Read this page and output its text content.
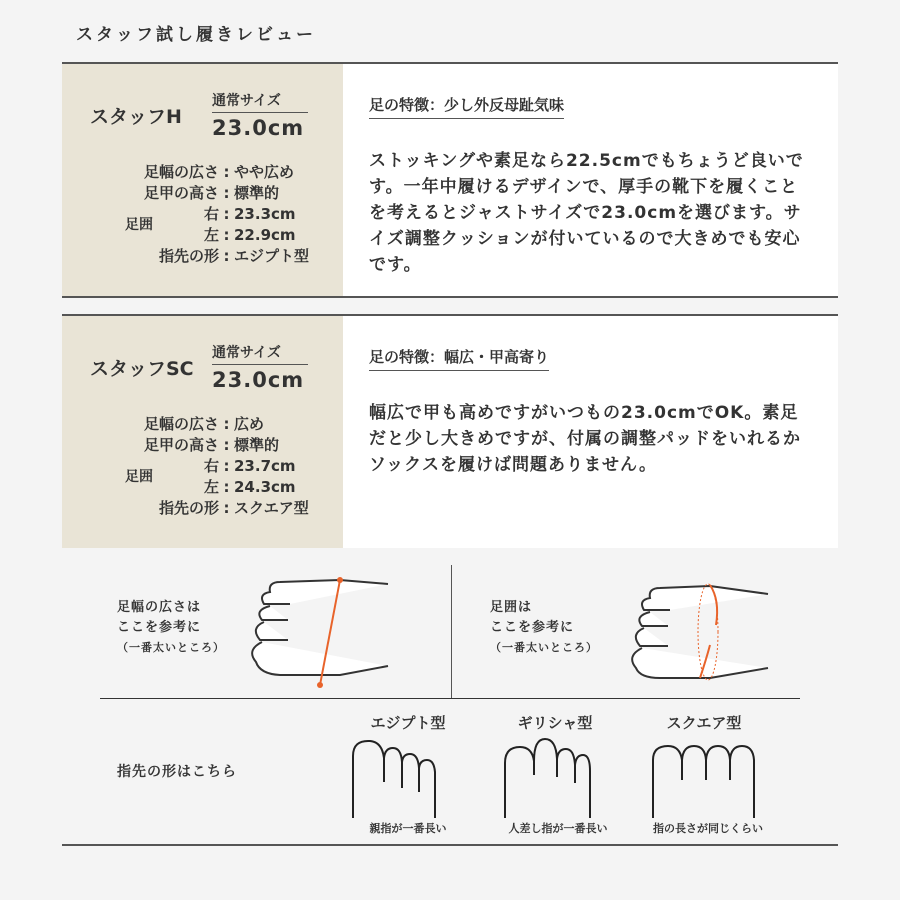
スタッフ試し履きレビュー
スタッフH
通常サイズ
23.0cm
足幅の広さ : やや広め
足甲の高さ : 標準的
足囲
右 : 23.3cm
左 : 22.9cm
指先の形 : エジプト型
足の特徴：少し外反母趾気味
ストッキングや素足なら22.5cmでもちょうど良いです。一年中履けるデザインで、厚手の靴下を履くことを考えるとジャストサイズで23.0cmを選びます。サイズ調整クッションが付いているので大きめでも安心です。
スタッフSC
通常サイズ
23.0cm
足幅の広さ : 広め
足甲の高さ : 標準的
足囲
右 : 23.7cm
左 : 24.3cm
指先の形 : スクエア型
足の特徴：幅広・甲高寄り
幅広で甲も高めですがいつもの23.0cmでOK。素足だと少し大きめですが、付属の調整パッドをいれるかソックスを履けば問題ありません。
足幅の広さは
ここを参考に
（一番太いところ）
足囲は
ここを参考に
（一番太いところ）
指先の形はこちら
エジプト型	ギリシャ型	スクエア型
親指が一番長い	人差し指が一番長い	指の長さが同じくらい
